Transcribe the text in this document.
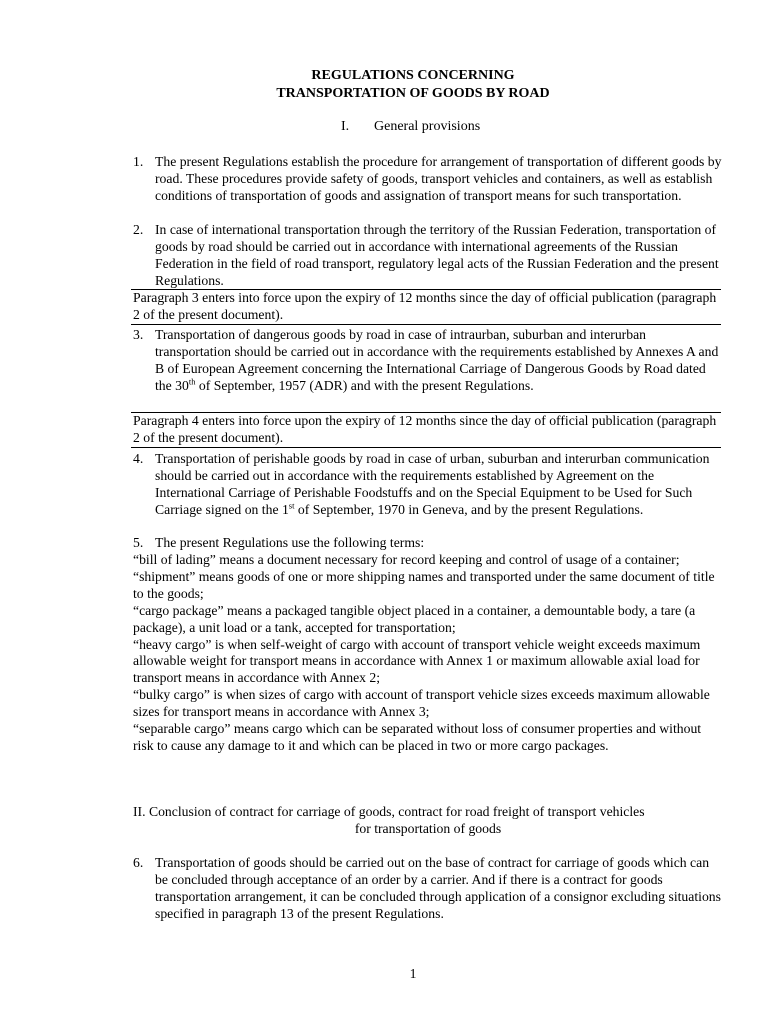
REGULATIONS CONCERNING
TRANSPORTATION OF GOODS BY ROAD
I. General provisions
1. The present Regulations establish the procedure for arrangement of transportation of different goods by road. These procedures provide safety of goods, transport vehicles and containers, as well as establish conditions of transportation of goods and assignation of transport means for such transportation.
2. In case of international transportation through the territory of the Russian Federation, transportation of goods by road should be carried out in accordance with international agreements of the Russian Federation in the field of road transport, regulatory legal acts of the Russian Federation and the present Regulations.
Paragraph 3 enters into force upon the expiry of 12 months since the day of official publication (paragraph 2 of the present document).
3. Transportation of dangerous goods by road in case of intraurban, suburban and interurban transportation should be carried out in accordance with the requirements established by Annexes A and B of European Agreement concerning the International Carriage of Dangerous Goods by Road dated the 30th of September, 1957 (ADR) and with the present Regulations.
Paragraph 4 enters into force upon the expiry of 12 months since the day of official publication (paragraph 2 of the present document).
4. Transportation of perishable goods by road in case of urban, suburban and interurban communication should be carried out in accordance with the requirements established by Agreement on the International Carriage of Perishable Foodstuffs and on the Special Equipment to be Used for Such Carriage signed on the 1st of September, 1970 in Geneva, and by the present Regulations.
5. The present Regulations use the following terms:

“bill of lading” means a document necessary for record keeping and control of usage of a container;

“shipment” means goods of one or more shipping names and transported under the same document of title to the goods;

“cargo package” means a packaged tangible object placed in a container, a demountable body, a tare (a package), a unit load or a tank, accepted for transportation;

“heavy cargo” is when self-weight of cargo with account of transport vehicle weight exceeds maximum allowable weight for transport means in accordance with Annex 1 or maximum allowable axial load for transport means in accordance with Annex 2;

“bulky cargo” is when sizes of cargo with account of transport vehicle sizes exceeds maximum allowable sizes for transport means in accordance with Annex 3;

“separable cargo” means cargo which can be separated without loss of consumer properties and without risk to cause any damage to it and which can be placed in two or more cargo packages.

II. Conclusion of contract for carriage of goods, contract for road freight of transport vehicles
for transportation of goods
6. Transportation of goods should be carried out on the base of contract for carriage of goods which can be concluded through acceptance of an order by a carrier. And if there is a contract for goods transportation arrangement, it can be concluded through application of a consignor excluding situations specified in paragraph 13 of the present Regulations.
1
